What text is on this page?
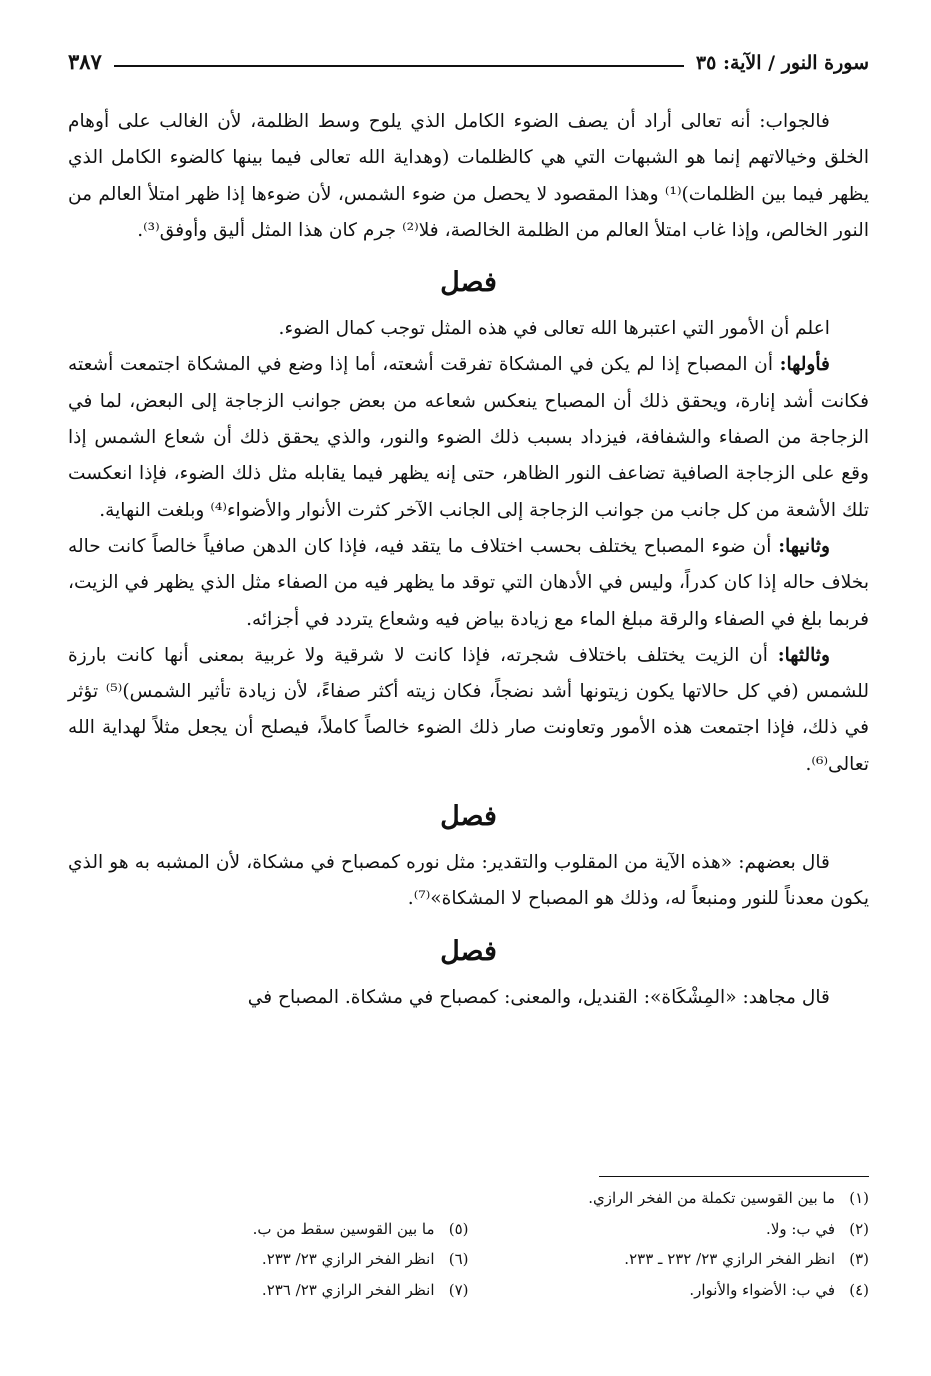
سورة النور / الآية: ٣٥
٣٨٧

فالجواب: أنه تعالى أراد أن يصف الضوء الكامل الذي يلوح وسط الظلمة، لأن الغالب على أوهام الخلق وخيالاتهم إنما هو الشبهات التي هي كالظلمات (وهداية الله تعالى فيما بينها كالضوء الكامل الذي يظهر فيما بين الظلمات)⁽¹⁾ وهذا المقصود لا يحصل من ضوء الشمس، لأن ضوءها إذا ظهر امتلأ العالم من النور الخالص، وإذا غاب امتلأ العالم من الظلمة الخالصة، فلا⁽²⁾ جرم كان هذا المثل أليق وأوفق⁽³⁾.

فصل

اعلم أن الأمور التي اعتبرها الله تعالى في هذه المثل توجب كمال الضوء.

فأولها: أن المصباح إذا لم يكن في المشكاة تفرقت أشعته، أما إذا وضع في المشكاة اجتمعت أشعته فكانت أشد إنارة، ويحقق ذلك أن المصباح ينعكس شعاعه من بعض جوانب الزجاجة إلى البعض، لما في الزجاجة من الصفاء والشفافة، فيزداد بسبب ذلك الضوء والنور، والذي يحقق ذلك أن شعاع الشمس إذا وقع على الزجاجة الصافية تضاعف النور الظاهر، حتى إنه يظهر فيما يقابله مثل ذلك الضوء، فإذا انعكست تلك الأشعة من كل جانب من جوانب الزجاجة إلى الجانب الآخر كثرت الأنوار والأضواء⁽⁴⁾ وبلغت النهاية.

وثانيها: أن ضوء المصباح يختلف بحسب اختلاف ما يتقد فيه، فإذا كان الدهن صافياً خالصاً كانت حاله بخلاف حاله إذا كان كدراً، وليس في الأدهان التي توقد ما يظهر فيه من الصفاء مثل الذي يظهر في الزيت، فربما بلغ في الصفاء والرقة مبلغ الماء مع زيادة بياض فيه وشعاع يتردد في أجزائه.

وثالثها: أن الزيت يختلف باختلاف شجرته، فإذا كانت لا شرقية ولا غربية بمعنى أنها كانت بارزة للشمس (في كل حالاتها يكون زيتونها أشد نضجاً، فكان زيته أكثر صفاءً، لأن زيادة تأثير الشمس)⁽⁵⁾ تؤثر في ذلك، فإذا اجتمعت هذه الأمور وتعاونت صار ذلك الضوء خالصاً كاملاً، فيصلح أن يجعل مثلاً لهداية الله تعالى⁽⁶⁾.

فصل

قال بعضهم: «هذه الآية من المقلوب والتقدير: مثل نوره كمصباح في مشكاة، لأن المشبه به هو الذي يكون معدناً للنور ومنبعاً له، وذلك هو المصباح لا المشكاة»⁽⁷⁾.

فصل

قال مجاهد: «المِشْكَاة»: القنديل، والمعنى: كمصباح في مشكاة. المصباح في

(١)ما بين القوسين تكملة من الفخر الرازي.
(٢)في ب: ولا.
(٣)انظر الفخر الرازي ٢٣/ ٢٣٢ ـ ٢٣٣.
(٤)في ب: الأضواء والأنوار.
(٥)ما بين القوسين سقط من ب.
(٦)انظر الفخر الرازي ٢٣/ ٢٣٣.
(٧)انظر الفخر الرازي ٢٣/ ٢٣٦.
